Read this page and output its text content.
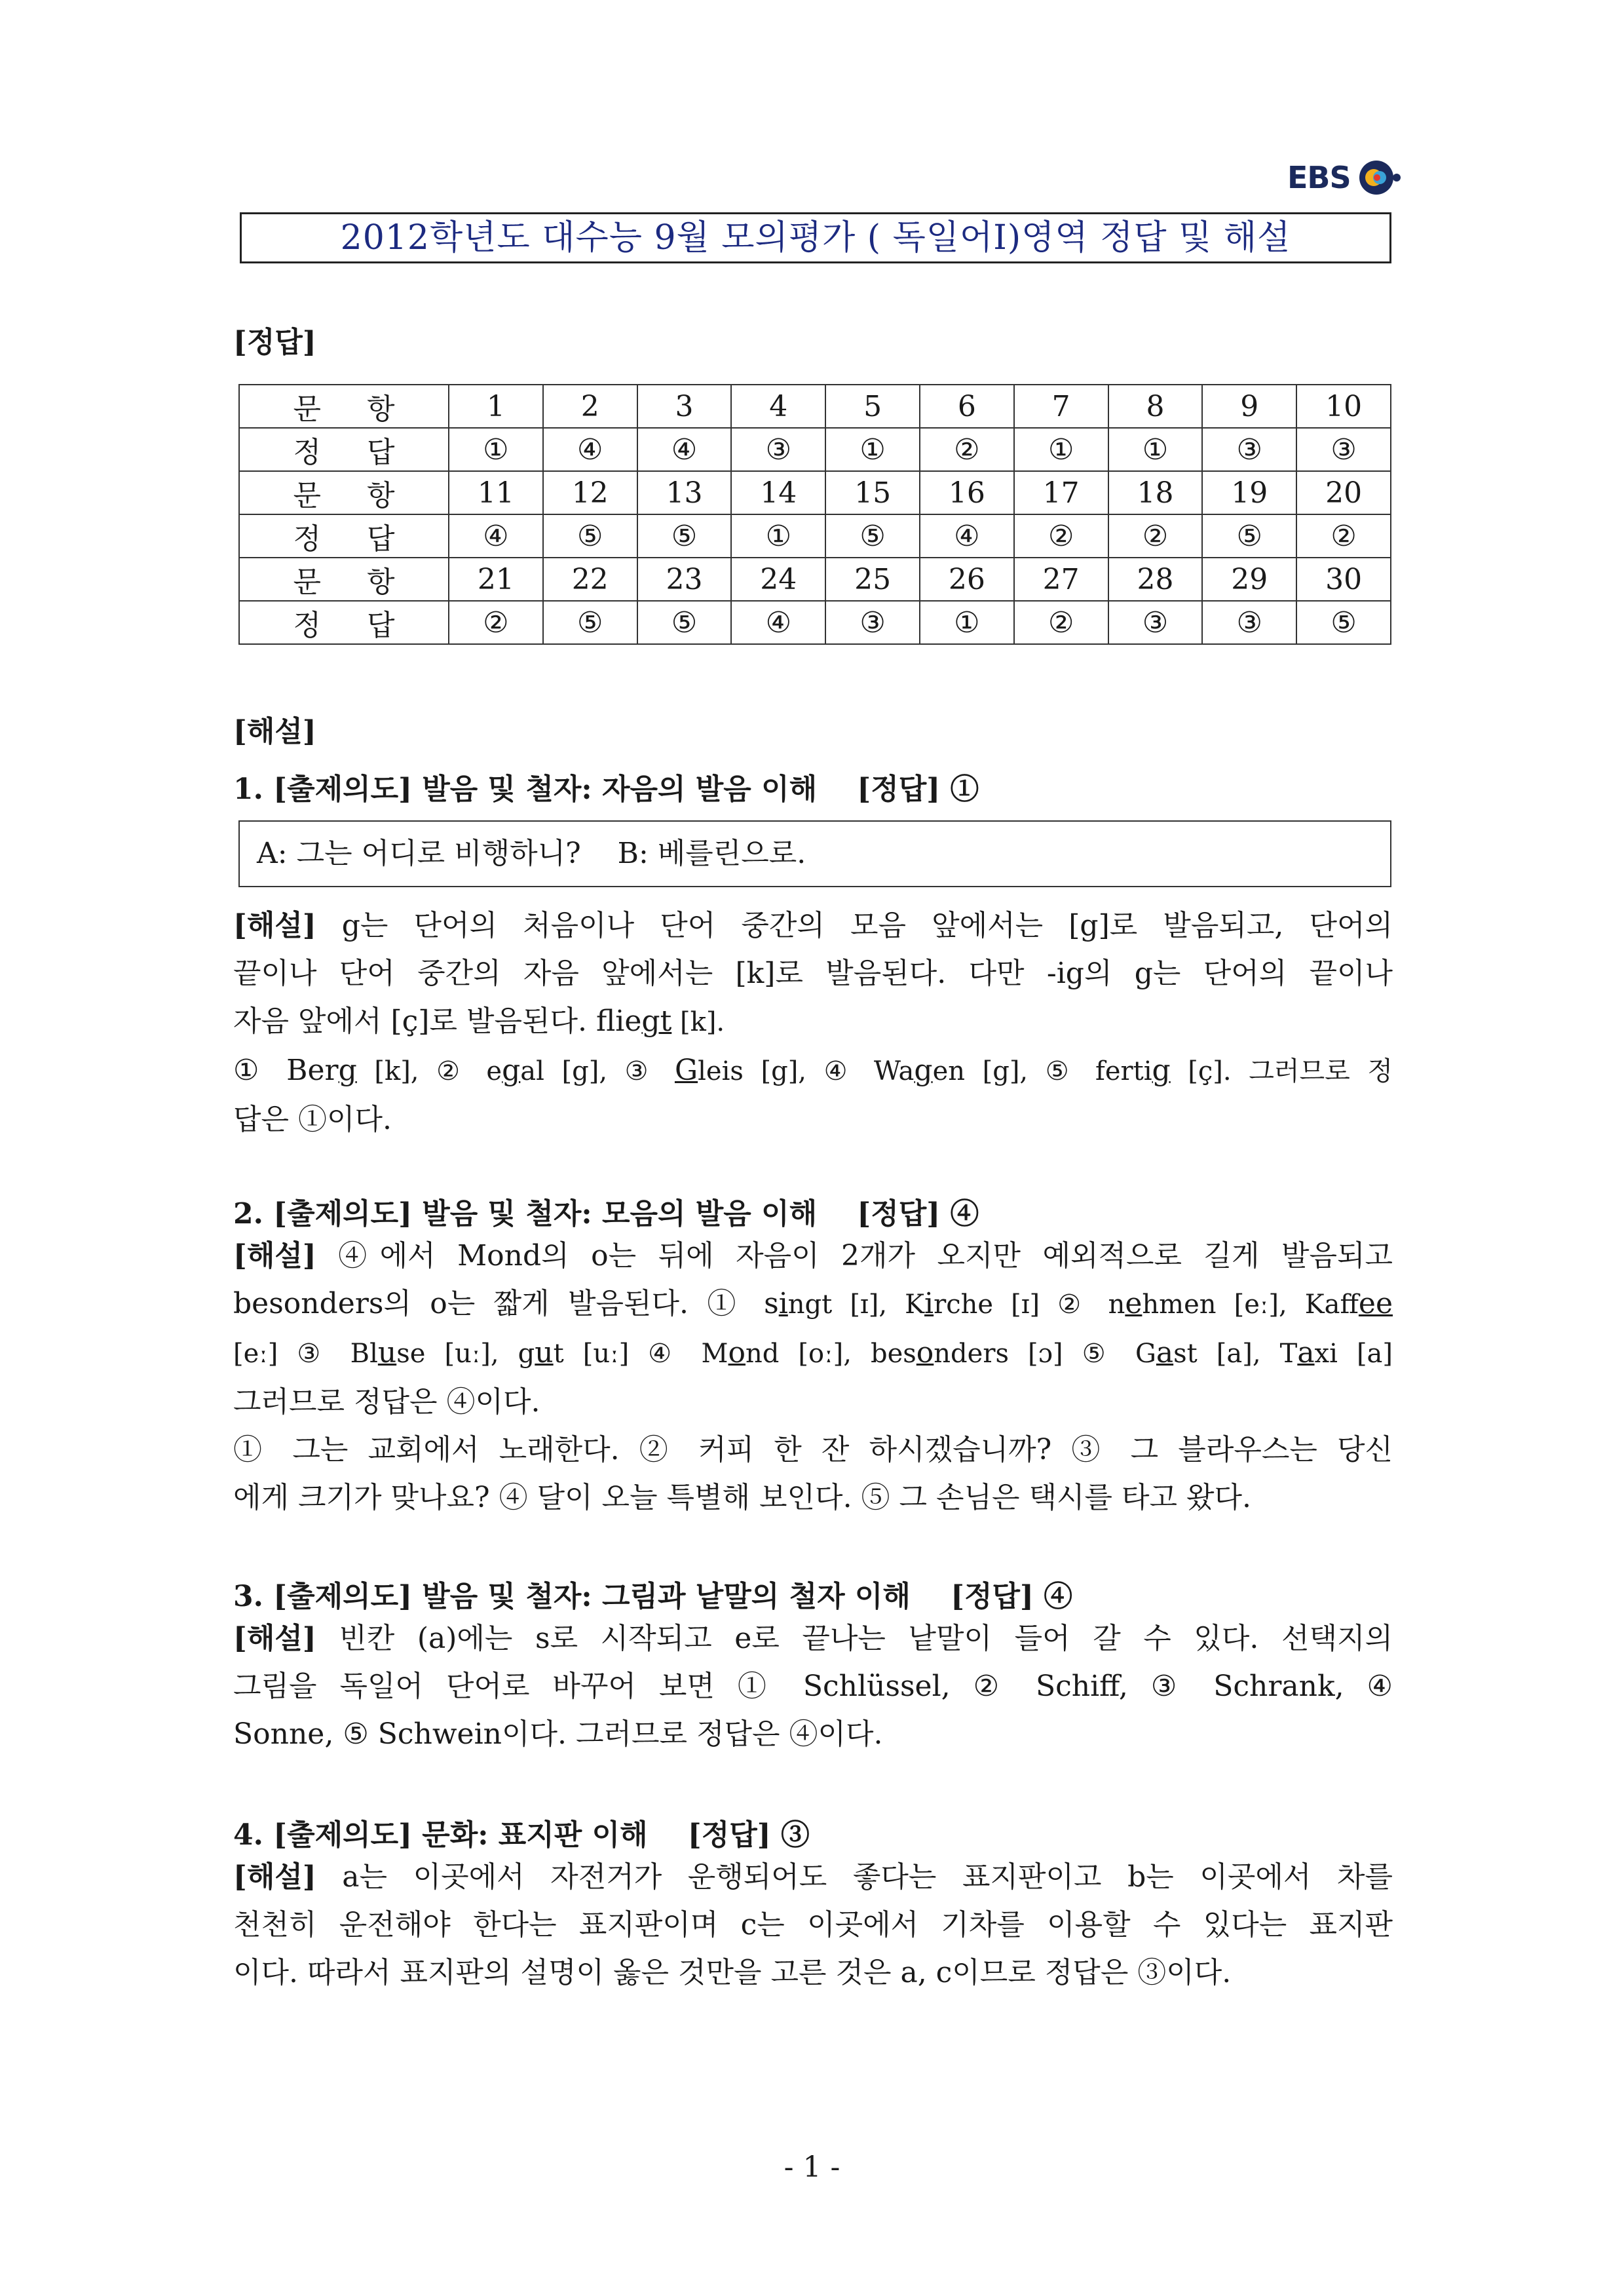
EBS
2012학년도 대수능 9월 모의평가 ( 독일어Ⅰ)영역 정답 및 해설
[정답]
문 항	1	2	3	4	5	6	7	8	9	10
정 답	①	④	④	③	①	②	①	①	③	③
문 항	11	12	13	14	15	16	17	18	19	20
정 답	④	⑤	⑤	①	⑤	④	②	②	⑤	②
문 항	21	22	23	24	25	26	27	28	29	30
정 답	②	⑤	⑤	④	③	①	②	③	③	⑤
[해설]
1. [출제의도] 발음 및 철자: 자음의 발음 이해    [정답] ①
A: 그는 어디로 비행하니?    B: 베를린으로.
[해설] g는 단어의 처음이나 단어 중간의 모음 앞에서는 [g]로 발음되고, 단어의
끝이나 단어 중간의 자음 앞에서는 [k]로 발음된다. 다만 -ig의 g는 단어의 끝이나
자음 앞에서 [ç]로 발음된다. fliegt [k].
① Berg [k], ② egal [g], ③ Gleis [g], ④ Wagen [g], ⑤ fertig [ç]. 그러므로 정
답은 ①이다.
2. [출제의도] 발음 및 철자: 모음의 발음 이해    [정답] ④
[해설] ④에서 Mond의 o는 뒤에 자음이 2개가 오지만 예외적으로 길게 발음되고
besonders의 o는 짧게 발음된다. ① singt [ɪ], Kirche [ɪ] ② nehmen [eː], Kaffee
[eː] ③ Bluse [uː], gut [uː] ④ Mond [oː], besonders [ɔ] ⑤ Gast [a], Taxi [a]
그러므로 정답은 ④이다.
① 그는 교회에서 노래한다. ② 커피 한 잔 하시겠습니까? ③ 그 블라우스는 당신
에게 크기가 맞나요? ④ 달이 오늘 특별해 보인다. ⑤ 그 손님은 택시를 타고 왔다.
3. [출제의도] 발음 및 철자: 그림과 낱말의 철자 이해    [정답] ④
[해설] 빈칸 (a)에는 s로 시작되고 e로 끝나는 낱말이 들어 갈 수 있다. 선택지의
그림을 독일어 단어로 바꾸어 보면 ① Schlüssel, ② Schiff, ③ Schrank, ④
Sonne, ⑤ Schwein이다. 그러므로 정답은 ④이다.
4. [출제의도] 문화: 표지판 이해    [정답] ③
[해설] a는 이곳에서 자전거가 운행되어도 좋다는 표지판이고 b는 이곳에서 차를
천천히 운전해야 한다는 표지판이며 c는 이곳에서 기차를 이용할 수 있다는 표지판
이다. 따라서 표지판의 설명이 옳은 것만을 고른 것은 a, c이므로 정답은 ③이다.
- 1 -
